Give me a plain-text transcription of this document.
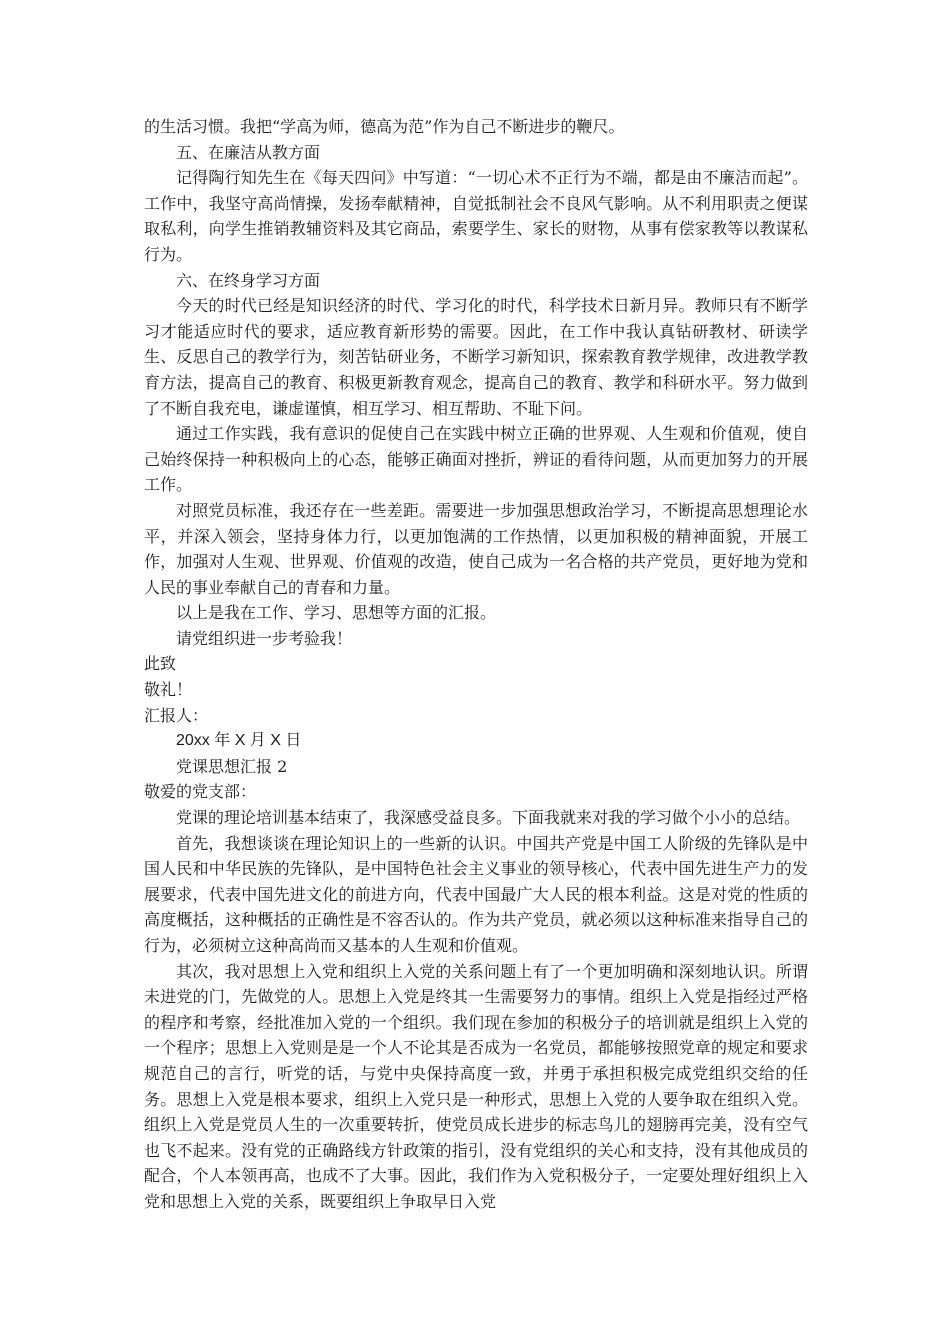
的生活习惯。我把“学高为师，德高为范”作为自己不断进步的鞭尺。

五、在廉洁从教方面

记得陶行知先生在《每天四问》中写道：“一切心术不正行为不端，都是由不廉洁而起”。工作中，我坚守高尚情操，发扬奉献精神，自觉抵制社会不良风气影响。从不利用职责之便谋取私利，向学生推销教辅资料及其它商品，索要学生、家长的财物，从事有偿家教等以教谋私行为。

六、在终身学习方面

今天的时代已经是知识经济的时代、学习化的时代，科学技术日新月异。教师只有不断学习才能适应时代的要求，适应教育新形势的需要。因此，在工作中我认真钻研教材、研读学生、反思自己的教学行为，刻苦钻研业务，不断学习新知识，探索教育教学规律，改进教学教育方法，提高自己的教育、积极更新教育观念，提高自己的教育、教学和科研水平。努力做到了不断自我充电，谦虚谨慎，相互学习、相互帮助、不耻下问。

通过工作实践，我有意识的促使自己在实践中树立正确的世界观、人生观和价值观，使自己始终保持一种积极向上的心态，能够正确面对挫折，辨证的看待问题，从而更加努力的开展工作。

对照党员标准，我还存在一些差距。需要进一步加强思想政治学习，不断提高思想理论水平，并深入领会，坚持身体力行，以更加饱满的工作热情，以更加积极的精神面貌，开展工作，加强对人生观、世界观、价值观的改造，使自己成为一名合格的共产党员，更好地为党和人民的事业奉献自己的青春和力量。

以上是我在工作、学习、思想等方面的汇报。

请党组织进一步考验我！

此致

敬礼！

汇报人：

20xx 年 X 月 X 日

党课思想汇报 2

敬爱的党支部：

党课的理论培训基本结束了，我深感受益良多。下面我就来对我的学习做个小小的总结。

首先，我想谈谈在理论知识上的一些新的认识。中国共产党是中国工人阶级的先锋队是中国人民和中华民族的先锋队，是中国特色社会主义事业的领导核心，代表中国先进生产力的发展要求，代表中国先进文化的前进方向，代表中国最广大人民的根本利益。这是对党的性质的高度概括，这种概括的正确性是不容否认的。作为共产党员，就必须以这种标准来指导自己的行为，必须树立这种高尚而又基本的人生观和价值观。

其次，我对思想上入党和组织上入党的关系问题上有了一个更加明确和深刻地认识。所谓未进党的门，先做党的人。思想上入党是终其一生需要努力的事情。组织上入党是指经过严格的程序和考察，经批准加入党的一个组织。我们现在参加的积极分子的培训就是组织上入党的一个程序；思想上入党则是是一个人不论其是否成为一名党员，都能够按照党章的规定和要求规范自己的言行，听党的话，与党中央保持高度一致，并勇于承担积极完成党组织交给的任务。思想上入党是根本要求，组织上入党只是一种形式，思想上入党的人要争取在组织入党。组织上入党是党员人生的一次重要转折，使党员成长进步的标志鸟儿的翅膀再完美，没有空气也飞不起来。没有党的正确路线方针政策的指引，没有党组织的关心和支持，没有其他成员的配合，个人本领再高，也成不了大事。因此，我们作为入党积极分子，一定要处理好组织上入党和思想上入党的关系，既要组织上争取早日入党
